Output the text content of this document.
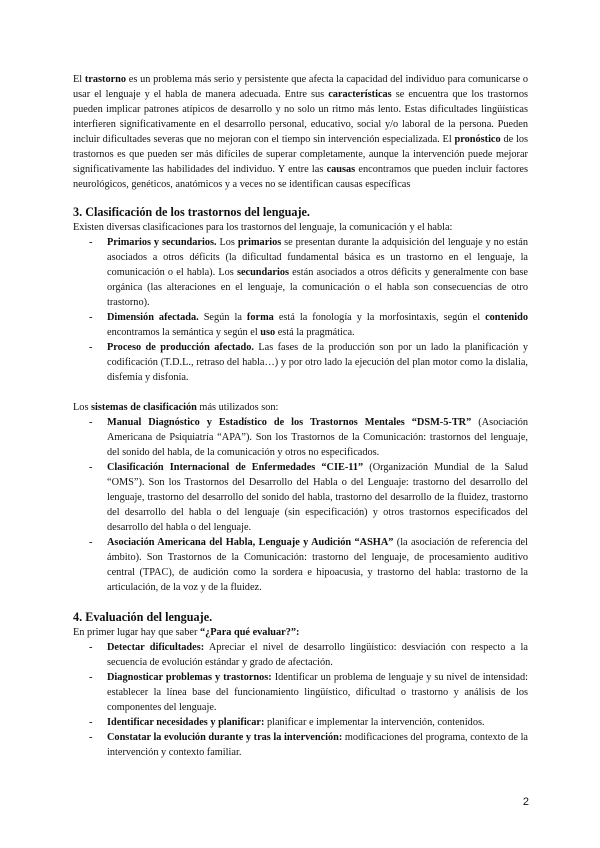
El trastorno es un problema más serio y persistente que afecta la capacidad del individuo para comunicarse o usar el lenguaje y el habla de manera adecuada. Entre sus características se encuentra que los trastornos pueden implicar patrones atípicos de desarrollo y no solo un ritmo más lento. Estas dificultades lingüísticas interfieren significativamente en el desarrollo personal, educativo, social y/o laboral de la persona. Pueden incluir dificultades severas que no mejoran con el tiempo sin intervención especializada. El pronóstico de los trastornos es que pueden ser más difíciles de superar completamente, aunque la intervención puede mejorar significativamente las habilidades del individuo. Y entre las causas encontramos que pueden incluir factores neurológicos, genéticos, anatómicos y a veces no se identifican causas específicas

3. Clasificación de los trastornos del lenguaje.

Existen diversas clasificaciones para los trastornos del lenguaje, la comunicación y el habla:

- Primarios y secundarios. Los primarios se presentan durante la adquisición del lenguaje y no están asociados a otros déficits (la dificultad fundamental básica es un trastorno en el lenguaje, la comunicación o el habla). Los secundarios están asociados a otros déficits y generalmente con base orgánica (las alteraciones en el lenguaje, la comunicación o el habla son consecuencias de otro trastorno).
- Dimensión afectada. Según la forma está la fonología y la morfosintaxis, según el contenido encontramos la semántica y según el uso está la pragmática.
- Proceso de producción afectado. Las fases de la producción son por un lado la planificación y codificación (T.D.L., retraso del habla…) y por otro lado la ejecución del plan motor como la dislalia, disfemia y disfonía.

Los sistemas de clasificación más utilizados son:

- Manual Diagnóstico y Estadístico de los Trastornos Mentales “DSM-5-TR” (Asociación Americana de Psiquiatría “APA”). Son los Trastornos de la Comunicación: trastornos del lenguaje, del sonido del habla, de la comunicación y otros no especificados.
- Clasificación Internacional de Enfermedades “CIE-11” (Organización Mundial de la Salud “OMS”). Son los Trastornos del Desarrollo del Habla o del Lenguaje: trastorno del desarrollo del lenguaje, trastorno del desarrollo del sonido del habla, trastorno del desarrollo de la fluidez, trastorno del desarrollo del habla o del lenguaje (sin especificación) y otros trastornos especificados del desarrollo del habla o del lenguaje.
- Asociación Americana del Habla, Lenguaje y Audición “ASHA” (la asociación de referencia del ámbito). Son Trastornos de la Comunicación: trastorno del lenguaje, de procesamiento auditivo central (TPAC), de audición como la sordera e hipoacusia, y trastorno del habla: trastorno de la articulación, de la voz y de la fluidez.
4. Evaluación del lenguaje.

En primer lugar hay que saber “¿Para qué evaluar?”:

- Detectar dificultades: Apreciar el nivel de desarrollo lingüístico: desviación con respecto a la secuencia de evolución estándar y grado de afectación.
- Diagnosticar problemas y trastornos: Identificar un problema de lenguaje y su nivel de intensidad: establecer la línea base del funcionamiento lingüístico, dificultad o trastorno y análisis de los componentes del lenguaje.
- Identificar necesidades y planificar: planificar e implementar la intervención, contenidos.
- Constatar la evolución durante y tras la intervención: modificaciones del programa, contexto de la intervención y contexto familiar.
2
